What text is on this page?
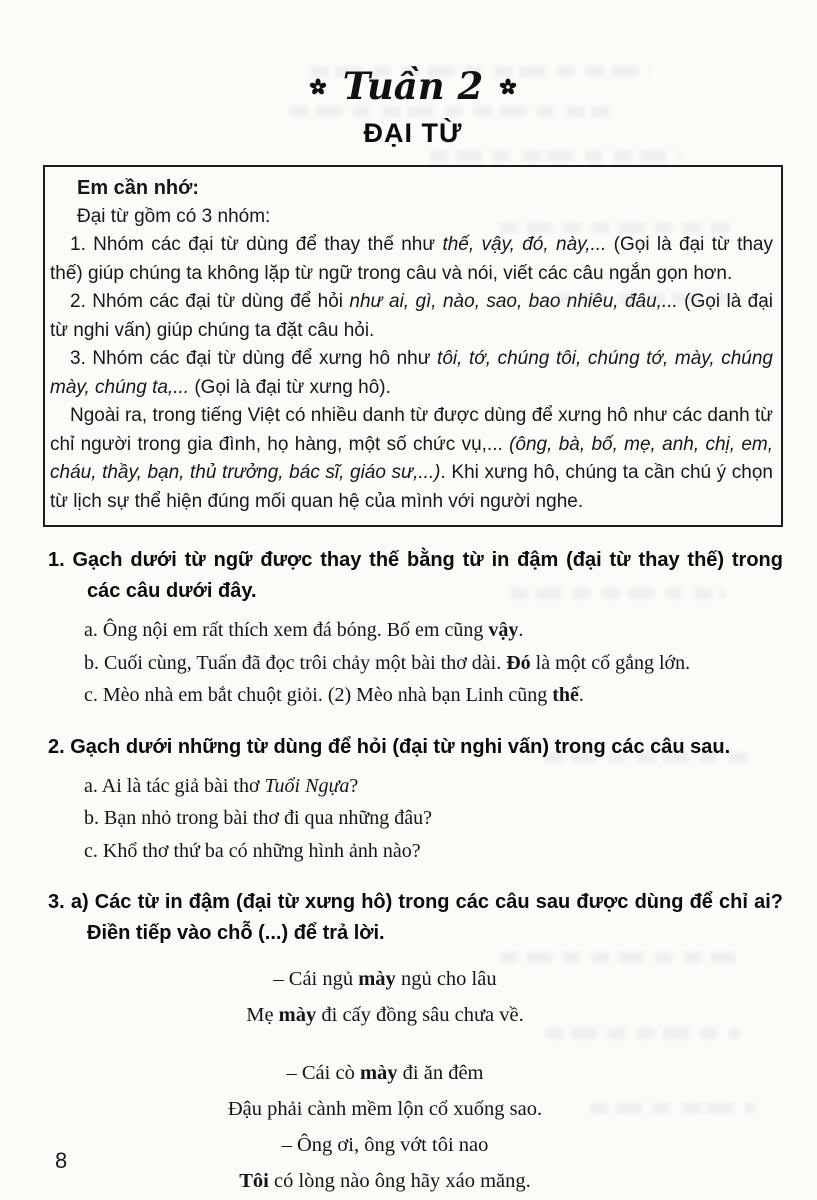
Tuần 2
ĐẠI TỪ

Em cần nhớ:

Đại từ gồm có 3 nhóm:

1. Nhóm các đại từ dùng để thay thế như thế, vậy, đó, này,... (Gọi là đại từ thay thế) giúp chúng ta không lặp từ ngữ trong câu và nói, viết các câu ngắn gọn hơn.

2. Nhóm các đại từ dùng để hỏi như ai, gì, nào, sao, bao nhiêu, đâu,... (Gọi là đại từ nghi vấn) giúp chúng ta đặt câu hỏi.

3. Nhóm các đại từ dùng để xưng hô như tôi, tớ, chúng tôi, chúng tớ, mày, chúng mày, chúng ta,... (Gọi là đại từ xưng hô).

Ngoài ra, trong tiếng Việt có nhiều danh từ được dùng để xưng hô như các danh từ chỉ người trong gia đình, họ hàng, một số chức vụ,... (ông, bà, bố, mẹ, anh, chị, em, cháu, thầy, bạn, thủ trưởng, bác sĩ, giáo sư,...). Khi xưng hô, chúng ta cần chú ý chọn từ lịch sự thể hiện đúng mối quan hệ của mình với người nghe.

1. Gạch dưới từ ngữ được thay thế bằng từ in đậm (đại từ thay thế) trong các câu dưới đây.

a. Ông nội em rất thích xem đá bóng. Bố em cũng vậy.

b. Cuối cùng, Tuấn đã đọc trôi chảy một bài thơ dài. Đó là một cố gắng lớn.

c. Mèo nhà em bắt chuột giỏi. (2) Mèo nhà bạn Linh cũng thế.

2. Gạch dưới những từ dùng để hỏi (đại từ nghi vấn) trong các câu sau.

a. Ai là tác giả bài thơ Tuổi Ngựa?

b. Bạn nhỏ trong bài thơ đi qua những đâu?

c. Khổ thơ thứ ba có những hình ảnh nào?

3. a) Các từ in đậm (đại từ xưng hô) trong các câu sau được dùng để chỉ ai? Điền tiếp vào chỗ (...) để trả lời.

– Cái ngủ mày ngủ cho lâu

Mẹ mày đi cấy đồng sâu chưa về.

– Cái cò mày đi ăn đêm

Đậu phải cành mềm lộn cổ xuống sao.

– Ông ơi, ông vớt tôi nao

Tôi có lòng nào ông hãy xáo măng.

8
